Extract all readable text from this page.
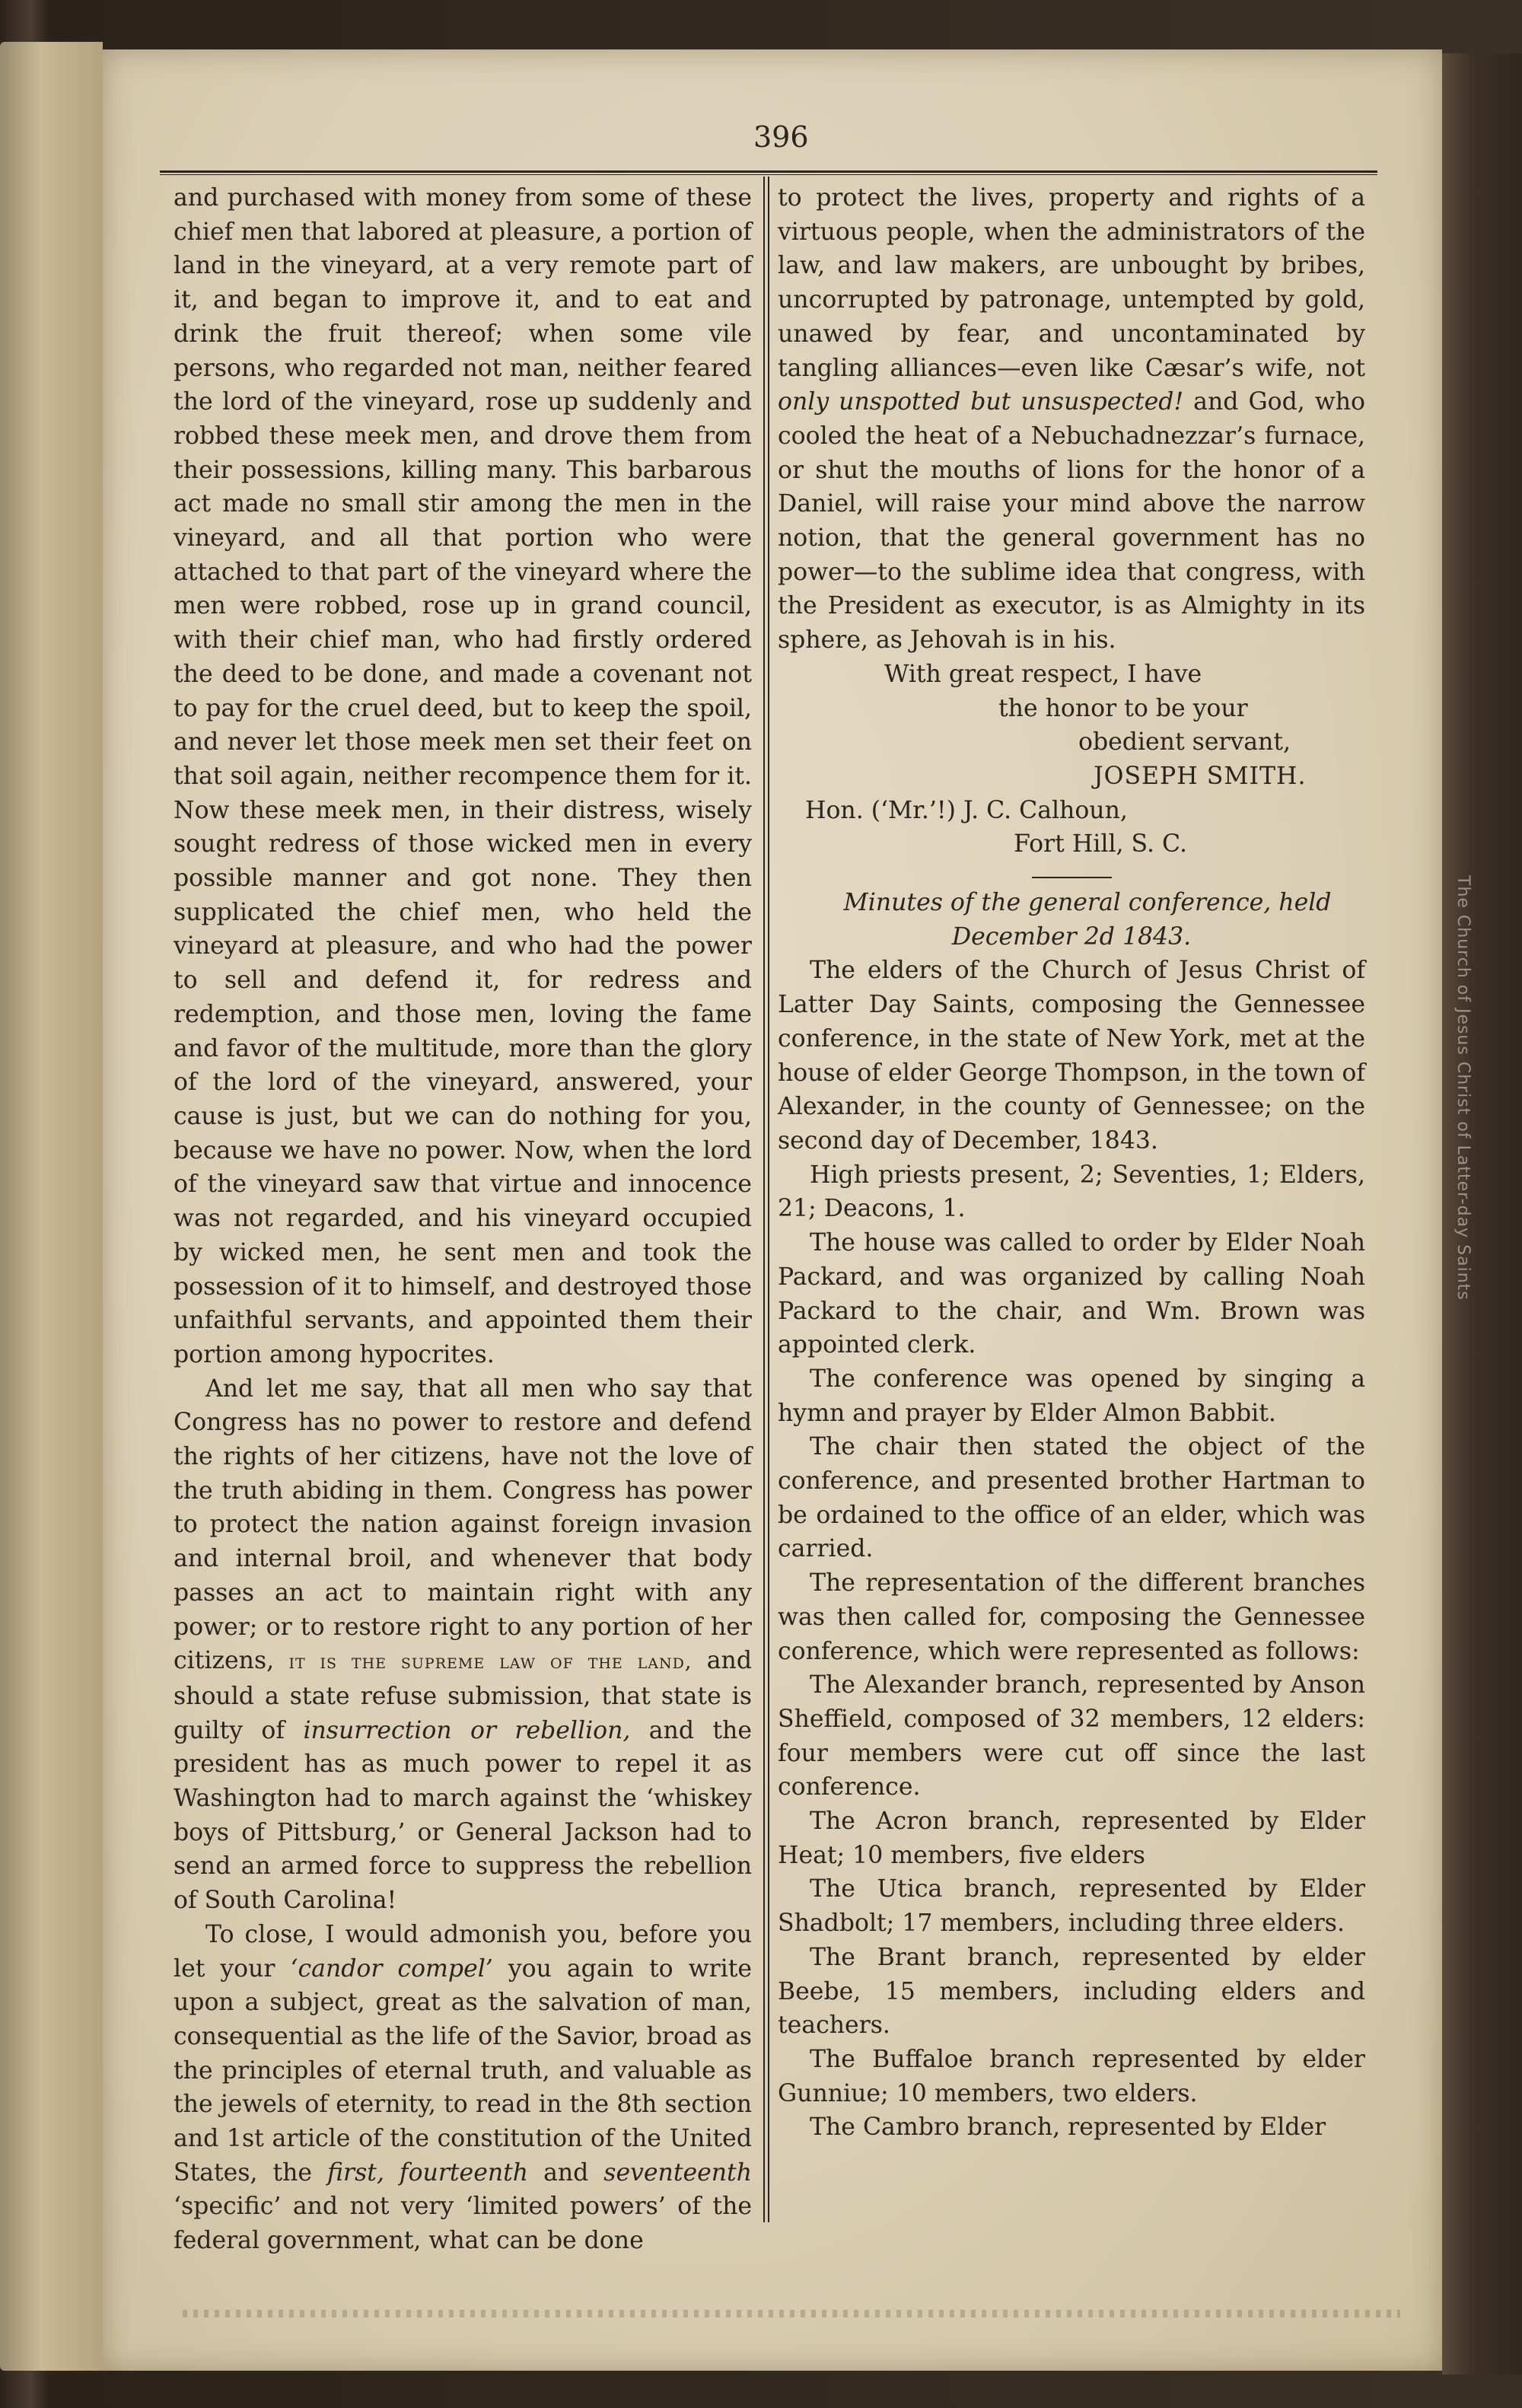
The Church of Jesus Christ of Latter-day Saints
396

and purchased with money from some of these chief men that labored at pleasure, a portion of land in the vineyard, at a very remote part of it, and began to improve it, and to eat and drink the fruit thereof; when some vile persons, who regarded not man, neither feared the lord of the vineyard, rose up suddenly and robbed these meek men, and drove them from their possessions, killing many. This barbarous act made no small stir among the men in the vineyard, and all that portion who were attached to that part of the vineyard where the men were robbed, rose up in grand council, with their chief man, who had firstly ordered the deed to be done, and made a covenant not to pay for the cruel deed, but to keep the spoil, and never let those meek men set their feet on that soil again, neither recompence them for it. Now these meek men, in their distress, wisely sought redress of those wicked men in every possible manner and got none. They then supplicated the chief men, who held the vineyard at pleasure, and who had the power to sell and defend it, for redress and redemption, and those men, loving the fame and favor of the multitude, more than the glory of the lord of the vineyard, answered, your cause is just, but we can do nothing for you, because we have no power. Now, when the lord of the vineyard saw that virtue and innocence was not regarded, and his vineyard occupied by wicked men, he sent men and took the possession of it to himself, and destroyed those unfaithful servants, and appointed them their portion among hypocrites.

And let me say, that all men who say that Congress has no power to restore and defend the rights of her citizens, have not the love of the truth abiding in them. Congress has power to protect the nation against foreign invasion and internal broil, and whenever that body passes an act to maintain right with any power; or to restore right to any portion of her citizens, it is the supreme law of the land, and should a state refuse submission, that state is guilty of insurrection or rebellion, and the president has as much power to repel it as Washington had to march against the ‘whiskey boys of Pittsburg,’ or General Jackson had to send an armed force to suppress the rebellion of South Carolina!

To close, I would admonish you, before you let your ‘candor compel’ you again to write upon a subject, great as the salvation of man, consequential as the life of the Savior, broad as the principles of eternal truth, and valuable as the jewels of eternity, to read in the 8th section and 1st article of the constitution of the United States, the first, fourteenth and seventeenth ‘specific’ and not very ‘limited powers’ of the federal government, what can be done

to protect the lives, property and rights of a virtuous people, when the administrators of the law, and law makers, are unbought by bribes, uncorrupted by patronage, untempted by gold, unawed by fear, and uncontaminated by tangling alliances—even like Cæsar’s wife, not only unspotted but unsuspected! and God, who cooled the heat of a Nebuchadnezzar’s furnace, or shut the mouths of lions for the honor of a Daniel, will raise your mind above the narrow notion, that the general government has no power—to the sublime idea that congress, with the President as executor, is as Almighty in its sphere, as Jehovah is in his.

With great respect, I have
the honor to be your
obedient servant,
JOSEPH SMITH.
Hon. (‘Mr.’!) J. C. Calhoun,
Fort Hill, S. C.

Minutes of the general conference, held December 2d 1843.

The elders of the Church of Jesus Christ of Latter Day Saints, composing the Gennessee conference, in the state of New York, met at the house of elder George Thompson, in the town of Alexander, in the county of Gennessee; on the second day of December, 1843.

High priests present, 2; Seventies, 1; Elders, 21; Deacons, 1.

The house was called to order by Elder Noah Packard, and was organized by calling Noah Packard to the chair, and Wm. Brown was appointed clerk.

The conference was opened by singing a hymn and prayer by Elder Almon Babbit.

The chair then stated the object of the conference, and presented brother Hartman to be ordained to the office of an elder, which was carried.

The representation of the different branches was then called for, composing the Gennessee conference, which were represented as follows:

The Alexander branch, represented by Anson Sheffield, composed of 32 members, 12 elders: four members were cut off since the last conference.

The Acron branch, represented by Elder Heat; 10 members, five elders

The Utica branch, represented by Elder Shadbolt; 17 members, including three elders.

The Brant branch, represented by elder Beebe, 15 members, including elders and teachers.

The Buffaloe branch represented by elder Gunniue; 10 members, two elders.

The Cambro branch, represented by Elder
